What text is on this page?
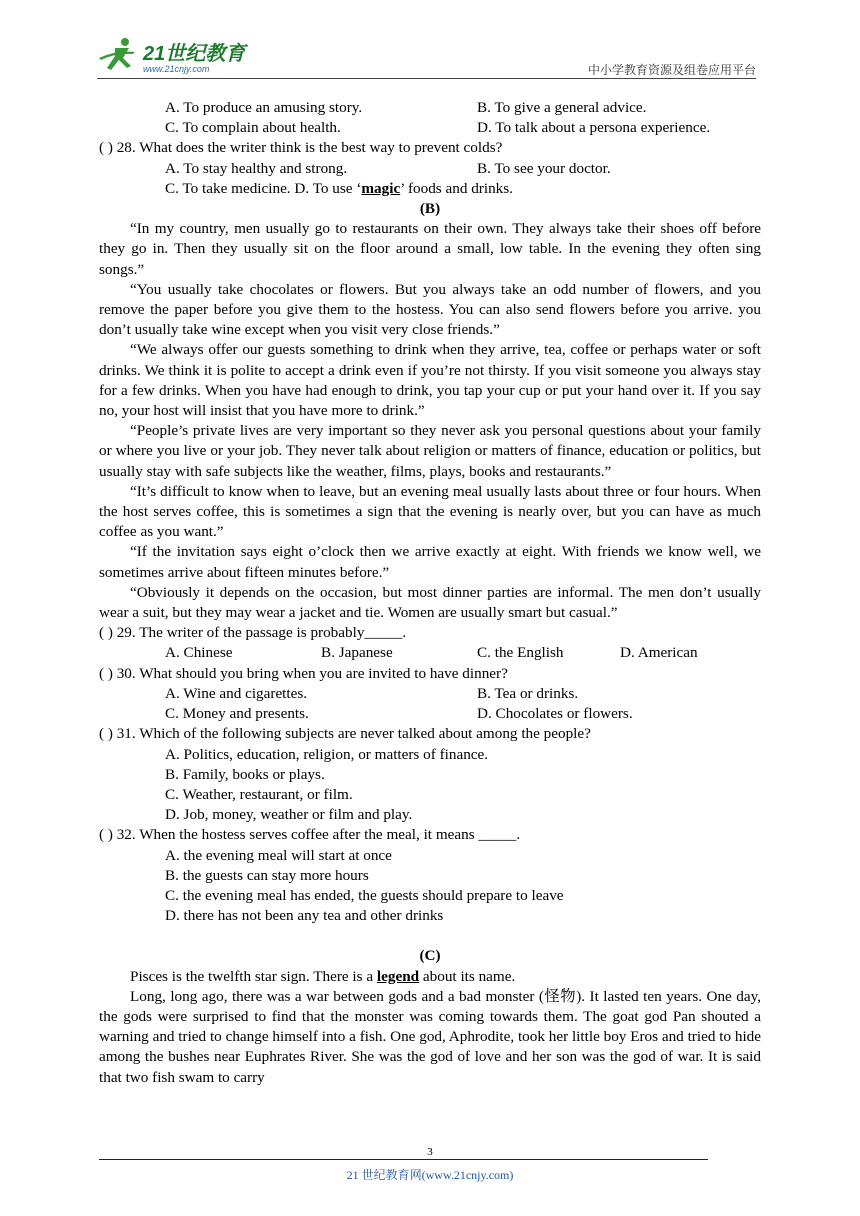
21世纪教育
www.21cnjy.com	中小学教育资源及组卷应用平台
A. To produce an amusing story.	B. To give a general advice.
C. To complain about health.	D. To talk about a persona experience.
( ) 28. What does the writer think is the best way to prevent colds?
A. To stay healthy and strong.	B. To see your doctor.
C. To take medicine. D. To use ‘ magic ’ foods and drinks.
(B)

“In my country, men usually go to restaurants on their own. They always take their shoes off before they go in. Then they usually sit on the floor around a small, low table. In the evening they often sing songs.”

“You usually take chocolates or flowers. But you always take an odd number of flowers, and you remove the paper before you give them to the hostess. You can also send flowers before you arrive. you don’t usually take wine except when you visit very close friends.”

“We always offer our guests something to drink when they arrive, tea, coffee or perhaps water or soft drinks. We think it is polite to accept a drink even if you’re not thirsty. If you visit someone you always stay for a few drinks. When you have had enough to drink, you tap your cup or put your hand over it. If you say no, your host will insist that you have more to drink.”

“People’s private lives are very important so they never ask you personal questions about your family or where you live or your job. They never talk about religion or matters of finance, education or politics, but usually stay with safe subjects like the weather, films, plays, books and restaurants.”

“It’s difficult to know when to leave, but an evening meal usually lasts about three or four hours. When the host serves coffee, this is sometimes a sign that the evening is nearly over, but you can have as much coffee as you want.”

“If the invitation says eight o’clock then we arrive exactly at eight. With friends we know well, we sometimes arrive about fifteen minutes before.”

“Obviously it depends on the occasion, but most dinner parties are informal. The men don’t usually wear a suit, but they may wear a jacket and tie. Women are usually smart but casual.”

( ) 29. The writer of the passage is probably_____.
A. Chinese	B. Japanese	C. the English	D. American
( ) 30. What should you bring when you are invited to have dinner?
A. Wine and cigarettes.	B. Tea or drinks.
C. Money and presents.	D. Chocolates or flowers.
( ) 31. Which of the following subjects are never talked about among the people?
A. Politics, education, religion, or matters of finance.
B. Family, books or plays.
C. Weather, restaurant, or film.
D. Job, money, weather or film and play.
( ) 32. When the hostess serves coffee after the meal, it means _____.
A. the evening meal will start at once
B. the guests can stay more hours
C. the evening meal has ended, the guests should prepare to leave
D. there has not been any tea and other drinks
(C)

Pisces is the twelfth star sign. There is a legend about its name.

Long, long ago, there was a war between gods and a bad monster (怪物). It lasted ten years. One day, the gods were surprised to find that the monster was coming towards them. The goat god Pan shouted a warning and tried to change himself into a fish. One god, Aphrodite, took her little boy Eros and tried to hide among the bushes near Euphrates River. She was the god of love and her son was the god of war. It is said that two fish swam to carry

3
21 世纪教育网(www.21cnjy.com)
